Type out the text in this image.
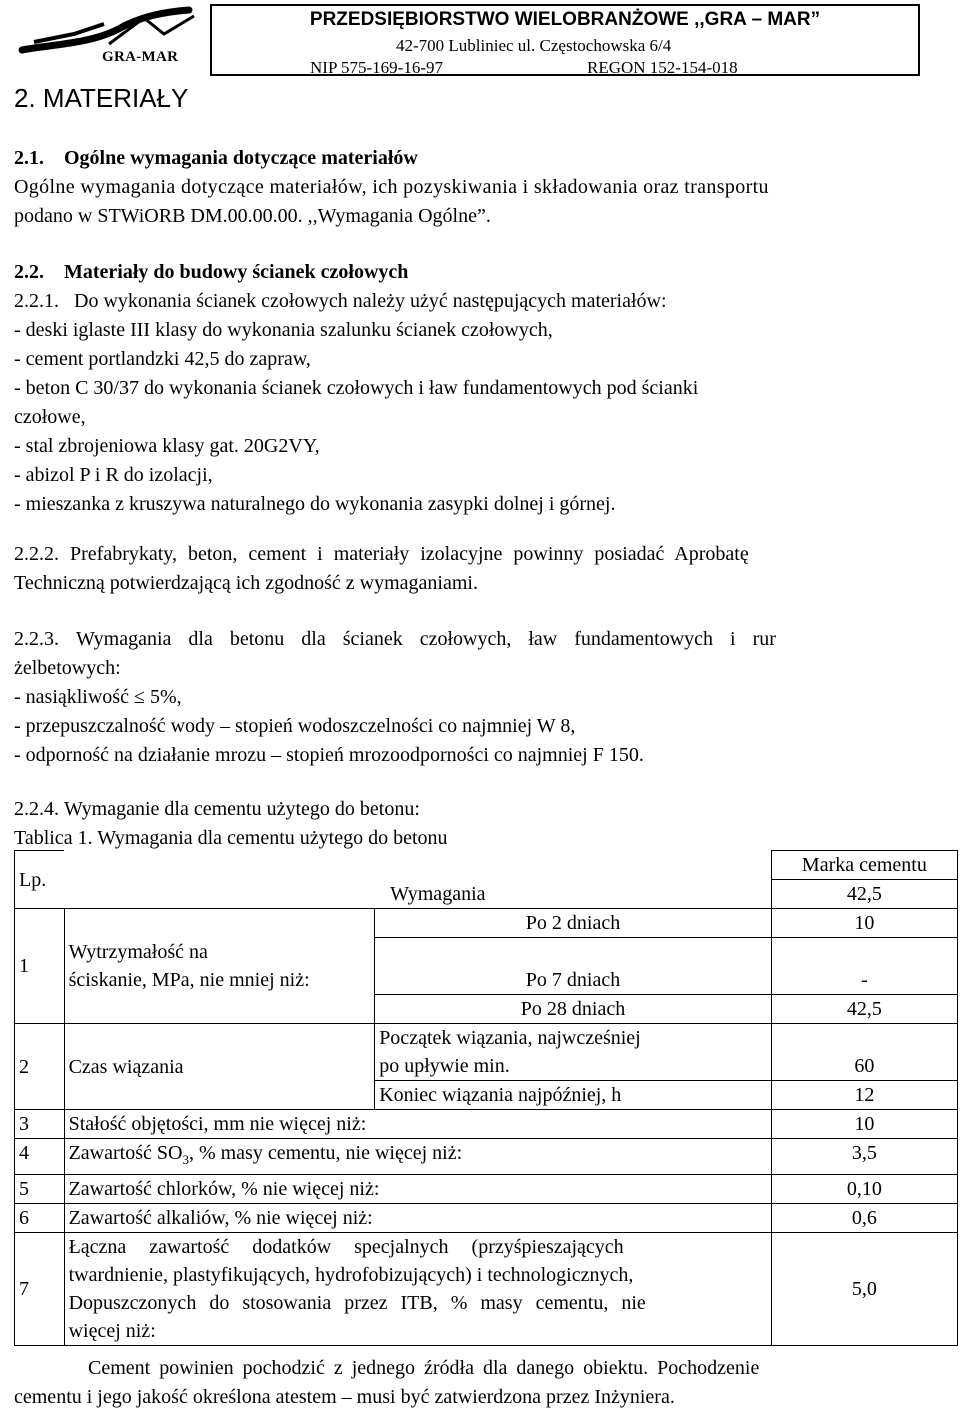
GRA-MAR
PRZEDSIĘBIORSTWO WIELOBRANŻOWE ,,GRA – MAR”
42-700 Lubliniec ul. Częstochowska 6/4
NIP 575-169-16-97	REGON 152-154-018
2. MATERIAŁY
2.1. Ogólne wymagania dotyczące materiałów
Ogólne wymagania dotyczące materiałów, ich pozyskiwania i składowania oraz transportu
podano w STWiORB DM.00.00.00. ,,Wymagania Ogólne”.
2.2. Materiały do budowy ścianek czołowych
2.2.1. Do wykonania ścianek czołowych należy użyć następujących materiałów:
- deski iglaste III klasy do wykonania szalunku ścianek czołowych,
- cement portlandzki 42,5 do zapraw,
- beton C 30/37 do wykonania ścianek czołowych i ław fundamentowych pod ścianki
czołowe,
- stal zbrojeniowa klasy gat. 20G2VY,
- abizol P i R do izolacji,
- mieszanka z kruszywa naturalnego do wykonania zasypki dolnej i górnej.
2.2.2. Prefabrykaty, beton, cement i materiały izolacyjne powinny posiadać Aprobatę
Techniczną potwierdzającą ich zgodność z wymaganiami.
2.2.3. Wymagania dla betonu dla ścianek czołowych, ław fundamentowych i rur
żelbetowych:
- nasiąkliwość ≤ 5%,
- przepuszczalność wody – stopień wodoszczelności co najmniej W 8,
- odporność na działanie mrozu – stopień mrozoodporności co najmniej F 150.
2.2.4. Wymaganie dla cementu użytego do betonu:
Tablica 1. Wymagania dla cementu użytego do betonu
Lp.			Marka cementu
	Wymagania		42,5
1	Wytrzymałość na
ściskanie, MPa, nie mniej niż:	Po 2 dniach	10
		Po 7 dniach	-
		Po 28 dniach	42,5
2	Czas wiązania	Początek wiązania, najwcześniej
po upływie min.	60
		Koniec wiązania najpóźniej, h	12
3	Stałość objętości, mm nie więcej niż:		10
4	Zawartość $SO_3$, % masy cementu, nie więcej niż:		3,5
5	Zawartość chlorków, % nie więcej niż:		0,10
6	Zawartość alkaliów, % nie więcej niż:		0,6
7	Łączna zawartość dodatków specjalnych (przyśpieszających
twardnienie, plastyfikujących, hydrofobizujących) i technologicznych,
Dopuszczonych do stosowania przez ITB, % masy cementu, nie
więcej niż:		5,0
Cement powinien pochodzić z jednego źródła dla danego obiektu. Pochodzenie
cementu i jego jakość określona atestem – musi być zatwierdzona przez Inżyniera.
